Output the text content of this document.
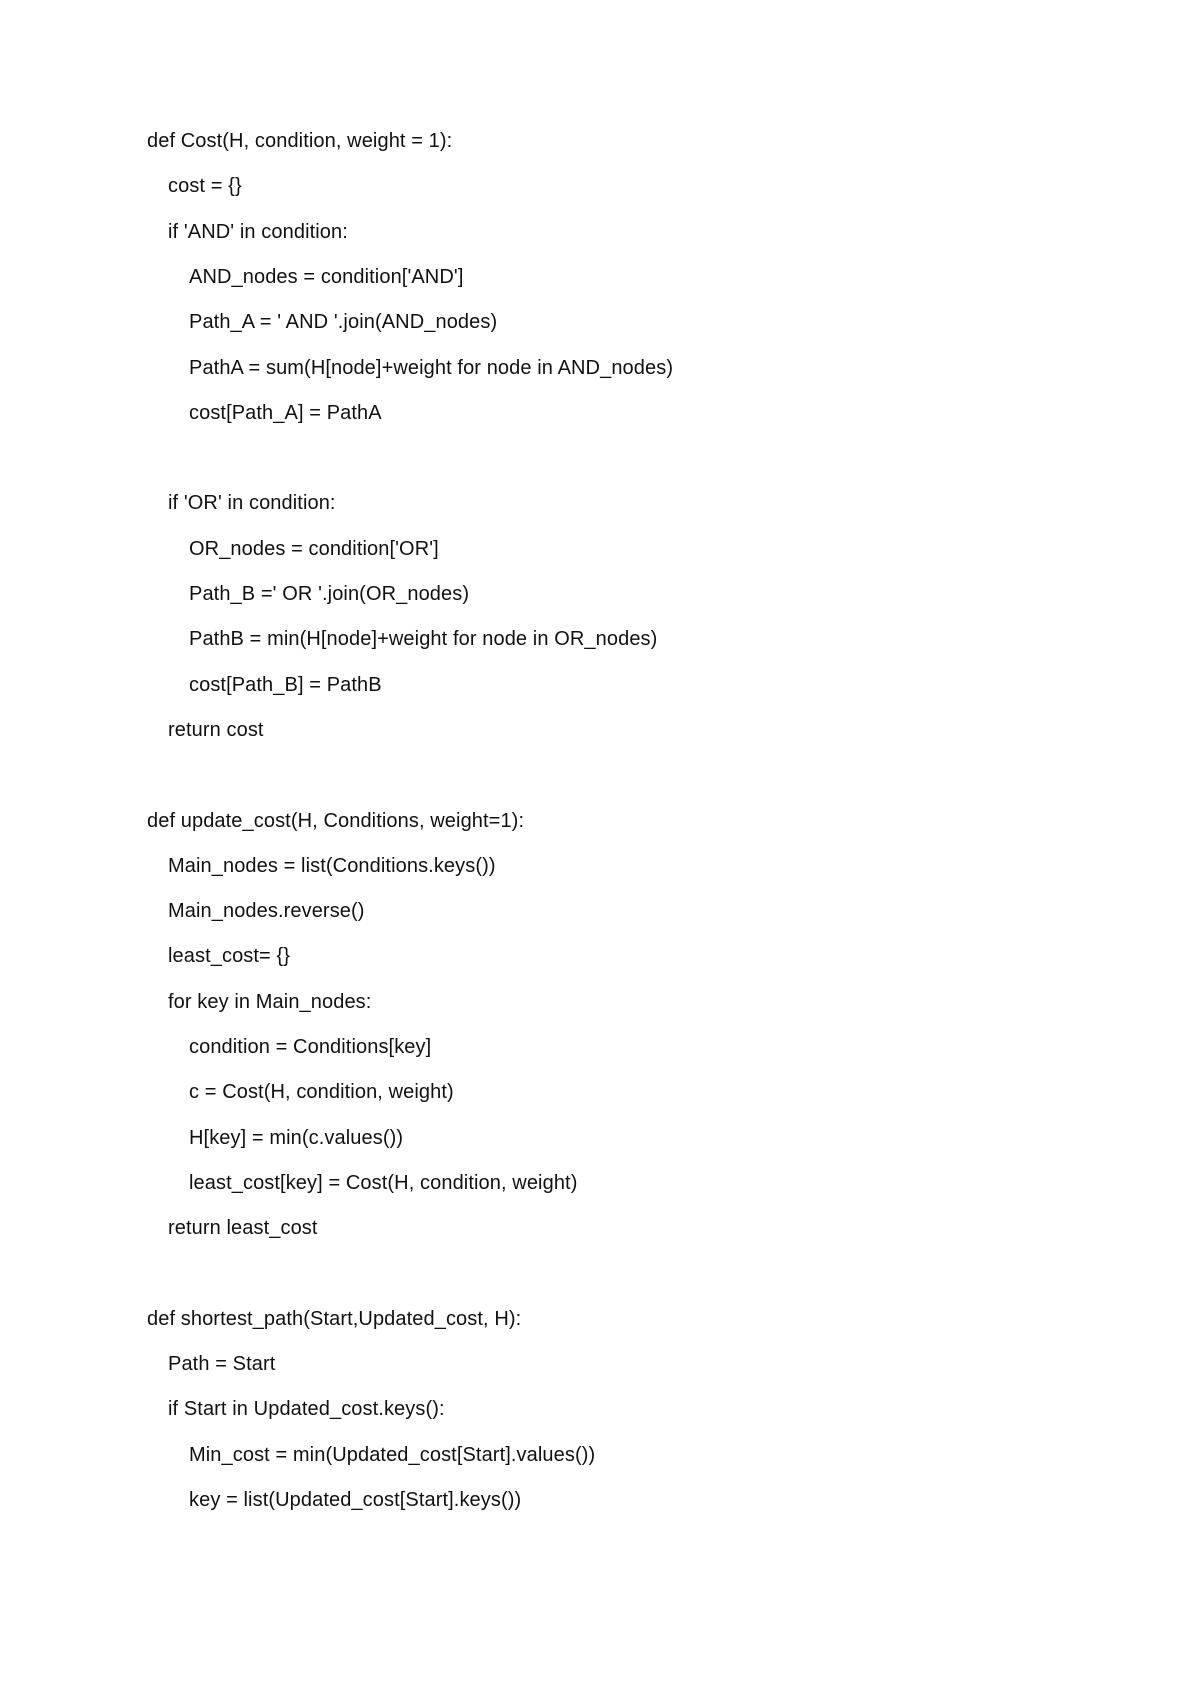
def Cost(H, condition, weight = 1):
cost = {}
if 'AND' in condition:
AND_nodes = condition['AND']
Path_A = ' AND '.join(AND_nodes)
PathA = sum(H[node]+weight for node in AND_nodes)
cost[Path_A] = PathA
if 'OR' in condition:
OR_nodes = condition['OR']
Path_B =' OR '.join(OR_nodes)
PathB = min(H[node]+weight for node in OR_nodes)
cost[Path_B] = PathB
return cost
def update_cost(H, Conditions, weight=1):
Main_nodes = list(Conditions.keys())
Main_nodes.reverse()
least_cost= {}
for key in Main_nodes:
condition = Conditions[key]
c = Cost(H, condition, weight)
H[key] = min(c.values())
least_cost[key] = Cost(H, condition, weight)
return least_cost
def shortest_path(Start,Updated_cost, H):
Path = Start
if Start in Updated_cost.keys():
Min_cost = min(Updated_cost[Start].values())
key = list(Updated_cost[Start].keys())
